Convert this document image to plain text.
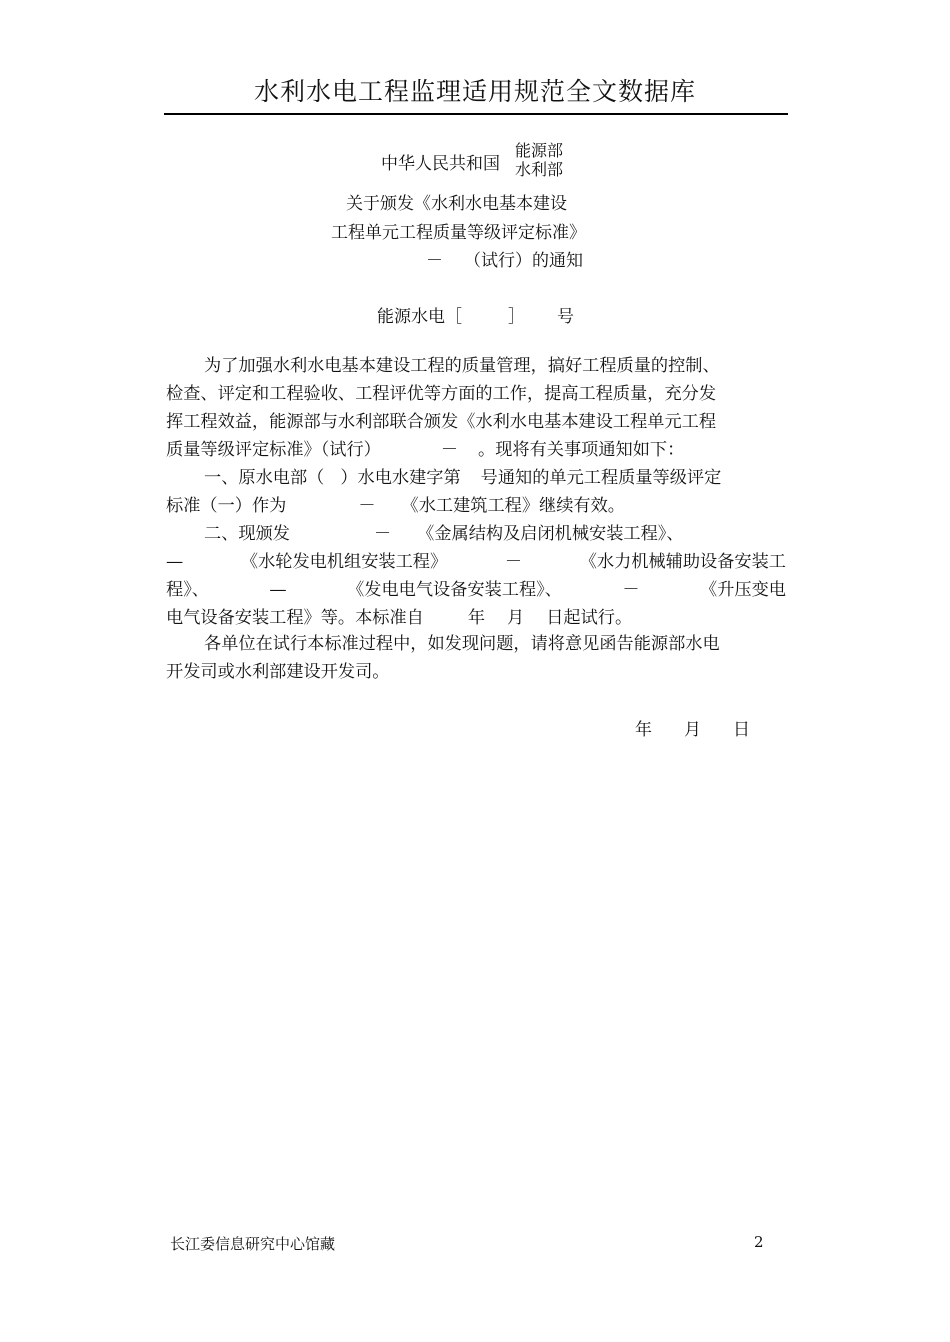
水利水电工程监理适用规范全文数据库
中华人民共和国
能源部
水利部
关于颁发《水利水电基本建设
工程单元工程质量等级评定标准》
－ （试行）的通知
能源水电［	］ 号
为了加强水利水电基本建设工程的质量管理，搞好工程质量的控制、
检查、评定和工程验收、工程评优等方面的工作，提高工程质量，充分发
挥工程效益，能源部与水利部联合颁发《水利水电基本建设工程单元工程
质量等级评定标准》（试行）	－ 。现将有关事项通知如下：
一、原水电部（ ）水电水建字第 号通知的单元工程质量等级评定
标准（一）作为	－ 《水工建筑工程》继续有效。
二、现颁发	－ 《金属结构及启闭机械安装工程》、
—	《水轮发电机组安装工程》	－	《水力机械辅助设备安装工
程》、	—	《发电电气设备安装工程》、	－	《升压变电
电气设备安装工程》等。本标准自	年 月 日起试行。
各单位在试行本标准过程中，如发现问题，请将意见函告能源部水电
开发司或水利部建设开发司。
年 月 日
长江委信息研究中心馆藏	2
